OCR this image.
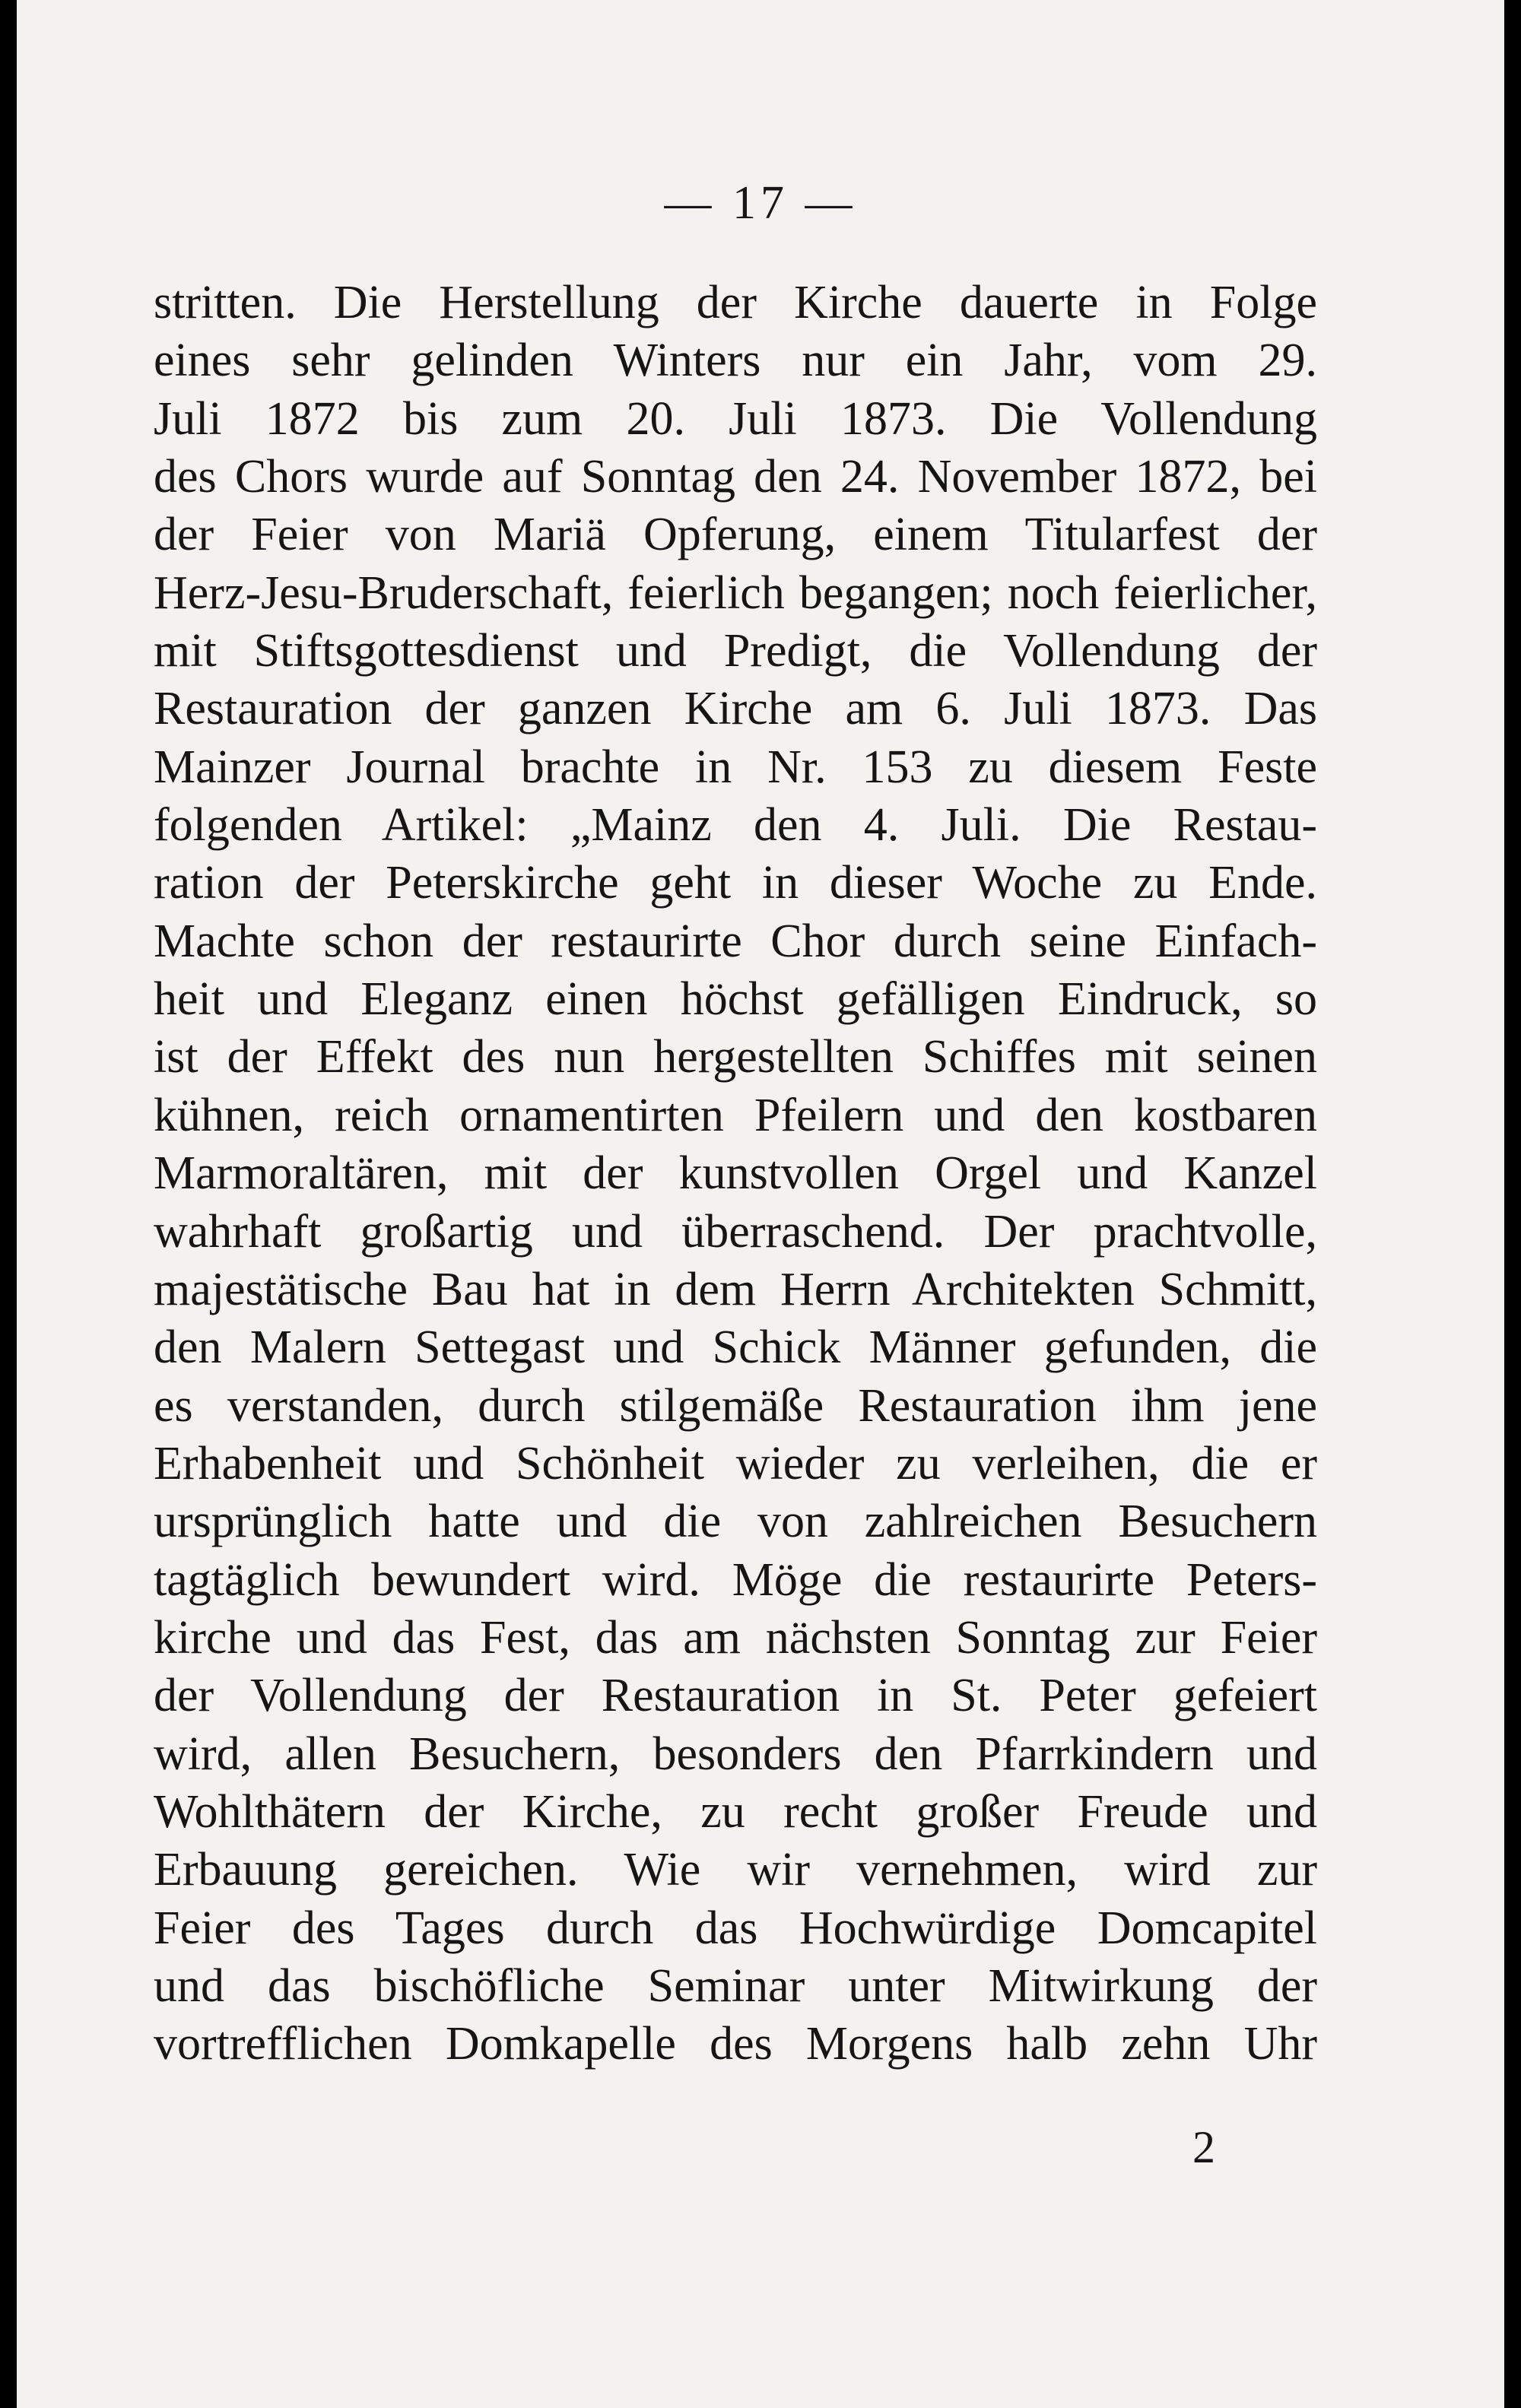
— 17 —
stritten. Die Herstellung der Kirche dauerte in Folge
eines sehr gelinden Winters nur ein Jahr, vom 29.
Juli 1872 bis zum 20. Juli 1873. Die Vollendung
des Chors wurde auf Sonntag den 24. November 1872, bei
der Feier von Mariä Opferung, einem Titularfest der
Herz-Jesu-Bruderschaft, feierlich begangen; noch feierlicher,
mit Stiftsgottesdienst und Predigt, die Vollendung der
Restauration der ganzen Kirche am 6. Juli 1873. Das
Mainzer Journal brachte in Nr. 153 zu diesem Feste
folgenden Artikel: „Mainz den 4. Juli. Die Restau-
ration der Peterskirche geht in dieser Woche zu Ende.
Machte schon der restaurirte Chor durch seine Einfach-
heit und Eleganz einen höchst gefälligen Eindruck, so
ist der Effekt des nun hergestellten Schiffes mit seinen
kühnen, reich ornamentirten Pfeilern und den kostbaren
Marmoraltären, mit der kunstvollen Orgel und Kanzel
wahrhaft großartig und überraschend. Der prachtvolle,
majestätische Bau hat in dem Herrn Architekten Schmitt,
den Malern Settegast und Schick Männer gefunden, die
es verstanden, durch stilgemäße Restauration ihm jene
Erhabenheit und Schönheit wieder zu verleihen, die er
ursprünglich hatte und die von zahlreichen Besuchern
tagtäglich bewundert wird. Möge die restaurirte Peters-
kirche und das Fest, das am nächsten Sonntag zur Feier
der Vollendung der Restauration in St. Peter gefeiert
wird, allen Besuchern, besonders den Pfarrkindern und
Wohlthätern der Kirche, zu recht großer Freude und
Erbauung gereichen. Wie wir vernehmen, wird zur
Feier des Tages durch das Hochwürdige Domcapitel
und das bischöfliche Seminar unter Mitwirkung der
vortrefflichen Domkapelle des Morgens halb zehn Uhr
2
